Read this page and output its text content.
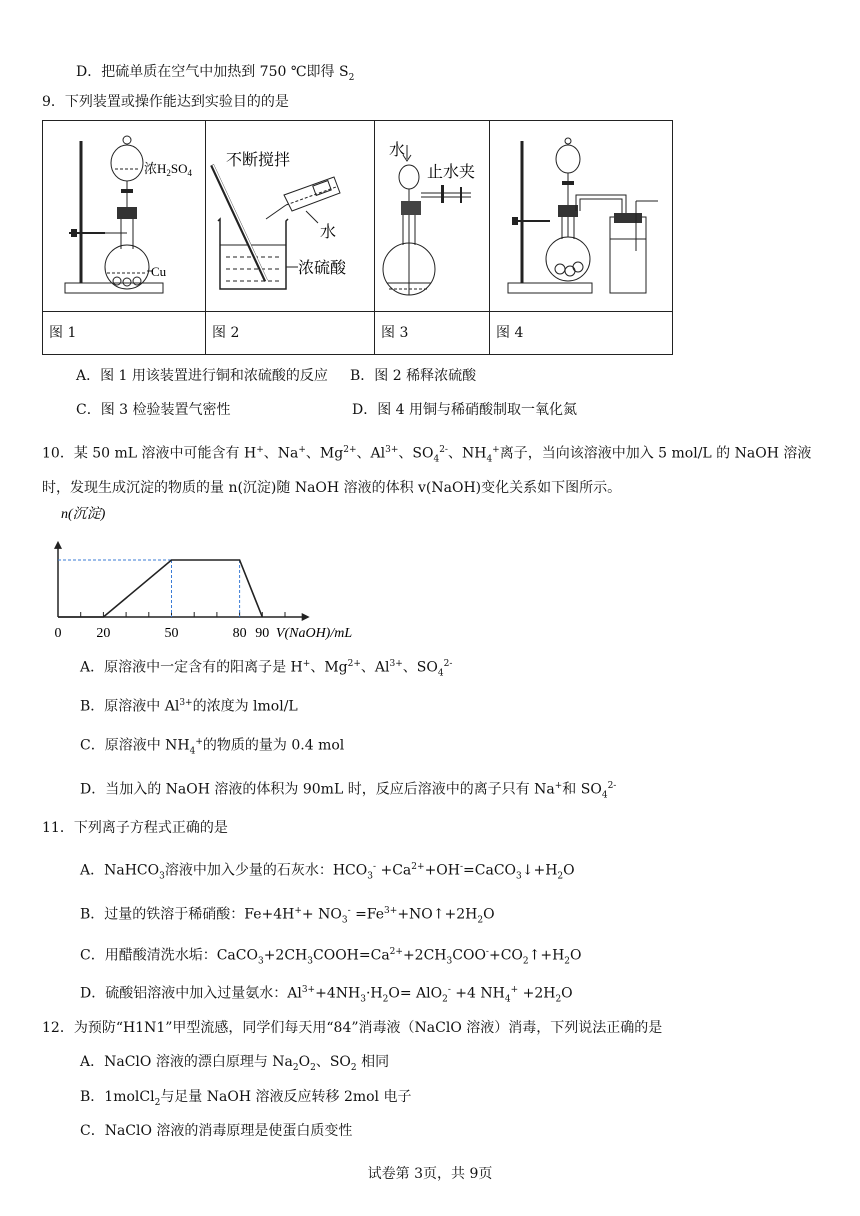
D．把硫单质在空气中加热到 750 ℃即得 $S_2$
9．下列装置或操作能达到实验目的的是
浓$H_2SO_4$
Cu	不断搅拌
水
浓硫酸	水
止水夹

图 1	图 2	图 3	图 4
A．图 1 用该装置进行铜和浓硫酸的反应 B．图 2 稀释浓硫酸
C．图 3 检验装置气密性	D．图 4 用铜与稀硝酸制取一氧化氮
10．某 50 mL 溶液中可能含有 H+、Na+、$Mg^{2+}$、$Al^{3+}$、$SO_4^{2-}$、$NH_4^+$离子，当向该溶液中加入 5 mol/L 的 NaOH 溶液
时，发现生成沉淀的物质的量 n(沉淀)随 NaOH 溶液的体积 v(NaOH)变化关系如下图所示。
0 20	50	80 90 V(NaOH)/mL
n(沉淀)
A．原溶液中一定含有的阳离子是 H+、$Mg^{2+}$、$Al^{3+}$、$SO_4^{2-}$
B．原溶液中 $Al^{3+}$的浓度为 lmol/L
C．原溶液中 $NH_4^+$的物质的量为 0.4 mol
D．当加入的 NaOH 溶液的体积为 90mL 时，反应后溶液中的离子只有 Na+和 $SO_4^{2-}$
11．下列离子方程式正确的是
A．NaHCO$_3$溶液中加入少量的石灰水：$HCO_3^-$ $+Ca^{2+}+OH^-=CaCO_3↓+H_2O$
B．过量的铁溶于稀硝酸：$Fe+4H^++ NO_3^-$ $=Fe^{3+}+NO↑+2H_2O$
C．用醋酸清洗水垢：$CaCO_3+2CH_3COOH=Ca^{2+}+2CH_3COO^-+CO_2↑+H_2O$
D．硫酸铝溶液中加入过量氨水：$Al^{3+}+4NH_3\cdot H_2O= AlO_2^- +4$ $NH_4^+ +2H_2O$
12．为预防“H1N1”甲型流感，同学们每天用“84”消毒液（NaClO 溶液）消毒，下列说法正确的是
A．NaClO 溶液的漂白原理与 $Na_2O_2$、$SO_2$ 相同
B．1molCl$_2$与足量 NaOH 溶液反应转移 2mol 电子
C．NaClO 溶液的消毒原理是使蛋白质变性
试卷第 3页，共 9页
